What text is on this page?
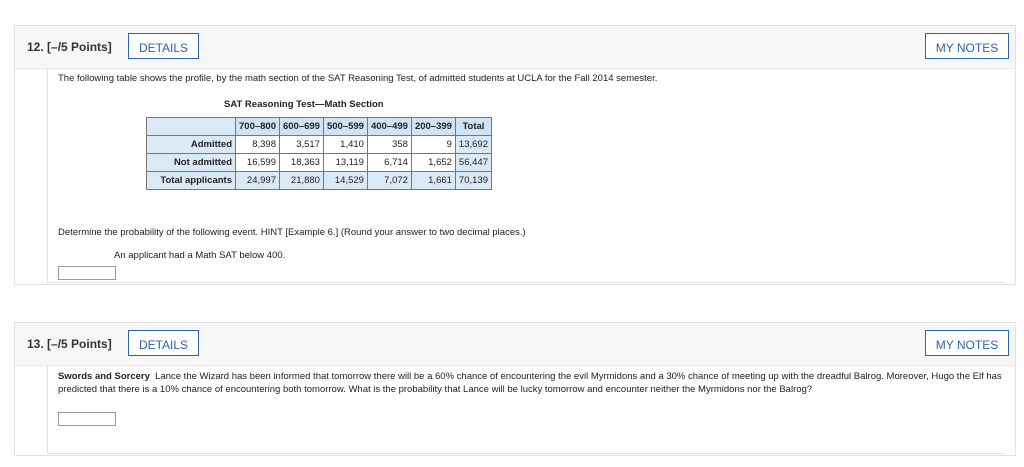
12. [–/5 Points]	DETAILS	MY NOTES
The following table shows the profile, by the math section of the SAT Reasoning Test, of admitted students at UCLA for the Fall 2014 semester.
SAT Reasoning Test—Math Section
	700–800	600–699	500–599	400–499	200–399	Total
Admitted	8,398	3,517	1,410	358	9	13,692
Not admitted	16,599	18,363	13,119	6,714	1,652	56,447
Total applicants	24,997	21,880	14,529	7,072	1,661	70,139
Determine the probability of the following event. HINT [Example 6.] (Round your answer to two decimal places.)
An applicant had a Math SAT below 400.
13. [–/5 Points]	DETAILS	MY NOTES
Swords and Sorcery Lance the Wizard has been informed that tomorrow there will be a 60% chance of encountering the evil Myrmidons and a 30% chance of meeting up with the dreadful Balrog. Moreover, Hugo the Elf has predicted that there is a 10% chance of encountering both tomorrow. What is the probability that Lance will be lucky tomorrow and encounter neither the Myrmidons nor the Balrog?
